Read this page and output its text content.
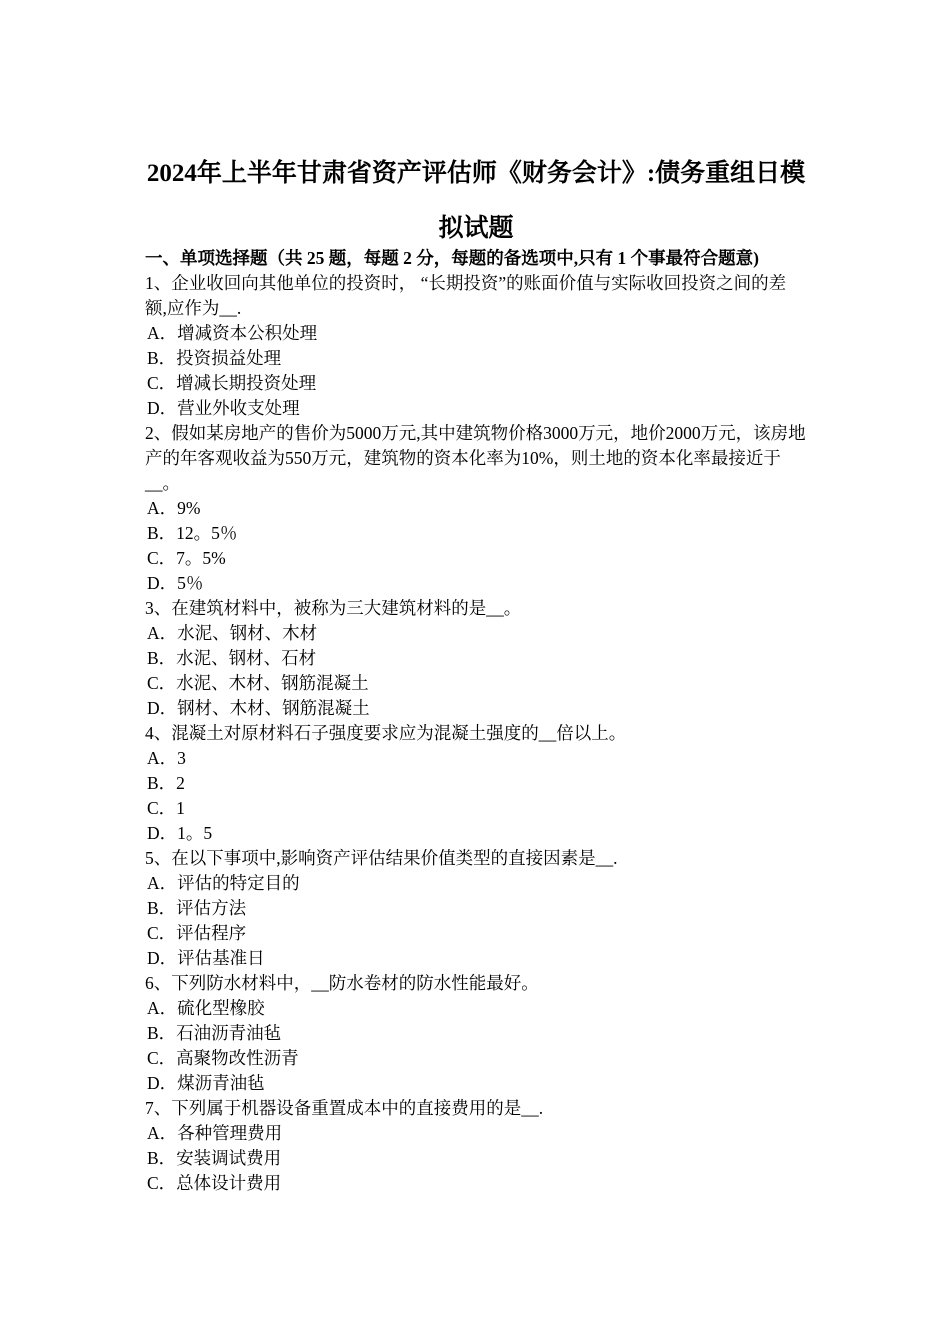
2024年上半年甘肃省资产评估师《财务会计》:债务重组日模拟试题
一、单项选择题（共 25 题，每题 2 分，每题的备选项中,只有 1 个事最符合题意)
1、企业收回向其他单位的投资时， “长期投资”的账面价值与实际收回投资之间的差额,应作为__.
A．增减资本公积处理
B．投资损益处理
C．增减长期投资处理
D．营业外收支处理
2、假如某房地产的售价为5000万元,其中建筑物价格3000万元，地价2000万元，该房地产的年客观收益为550万元，建筑物的资本化率为10%，则土地的资本化率最接近于__。
A．9%
B．12。5％
C．7。5%
D．5％
3、在建筑材料中，被称为三大建筑材料的是__。
A．水泥、钢材、木材
B．水泥、钢材、石材
C．水泥、木材、钢筋混凝土
D．钢材、木材、钢筋混凝土
4、混凝土对原材料石子强度要求应为混凝土强度的__倍以上。
A．3
B．2
C．1
D．1。5
5、在以下事项中,影响资产评估结果价值类型的直接因素是__.
A．评估的特定目的
B．评估方法
C．评估程序
D．评估基准日
6、下列防水材料中，__防水卷材的防水性能最好。
A．硫化型橡胶
B．石油沥青油毡
C．高聚物改性沥青
D．煤沥青油毡
7、下列属于机器设备重置成本中的直接费用的是__.
A．各种管理费用
B．安装调试费用
C．总体设计费用
